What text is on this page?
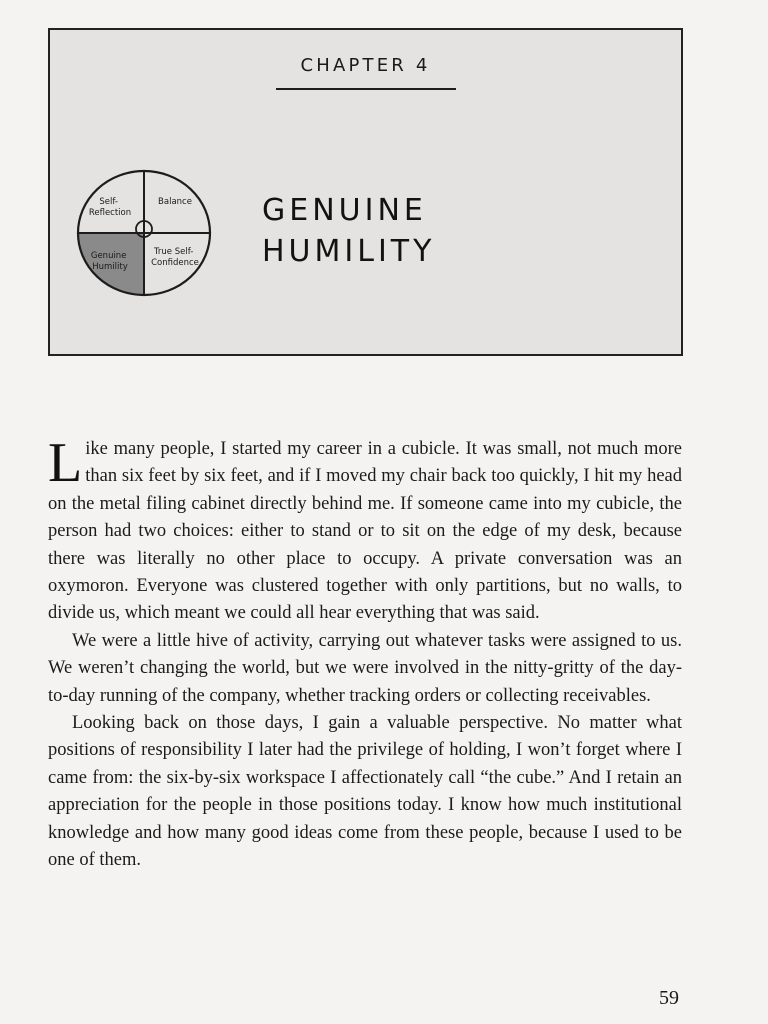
CHAPTER 4
Self- Reflection
Balance
Genuine Humility
True Self- Confidence
GENUINE
HUMILITY

Like many people, I started my career in a cubicle. It was small, not much more than six feet by six feet, and if I moved my chair back too quickly, I hit my head on the metal filing cabinet directly behind me. If someone came into my cubicle, the person had two choices: either to stand or to sit on the edge of my desk, because there was literally no other place to occupy. A private conversation was an oxymoron. Everyone was clustered together with only partitions, but no walls, to divide us, which meant we could all hear everything that was said.

We were a little hive of activity, carrying out whatever tasks were assigned to us. We weren’t changing the world, but we were involved in the nitty-gritty of the day-to-day running of the company, whether tracking orders or collecting receivables.

Looking back on those days, I gain a valuable perspective. No matter what positions of responsibility I later had the privilege of holding, I won’t forget where I came from: the six-by-six workspace I affectionately call “the cube.” And I retain an appreciation for the people in those positions today. I know how much institutional knowledge and how many good ideas come from these people, because I used to be one of them.

59
